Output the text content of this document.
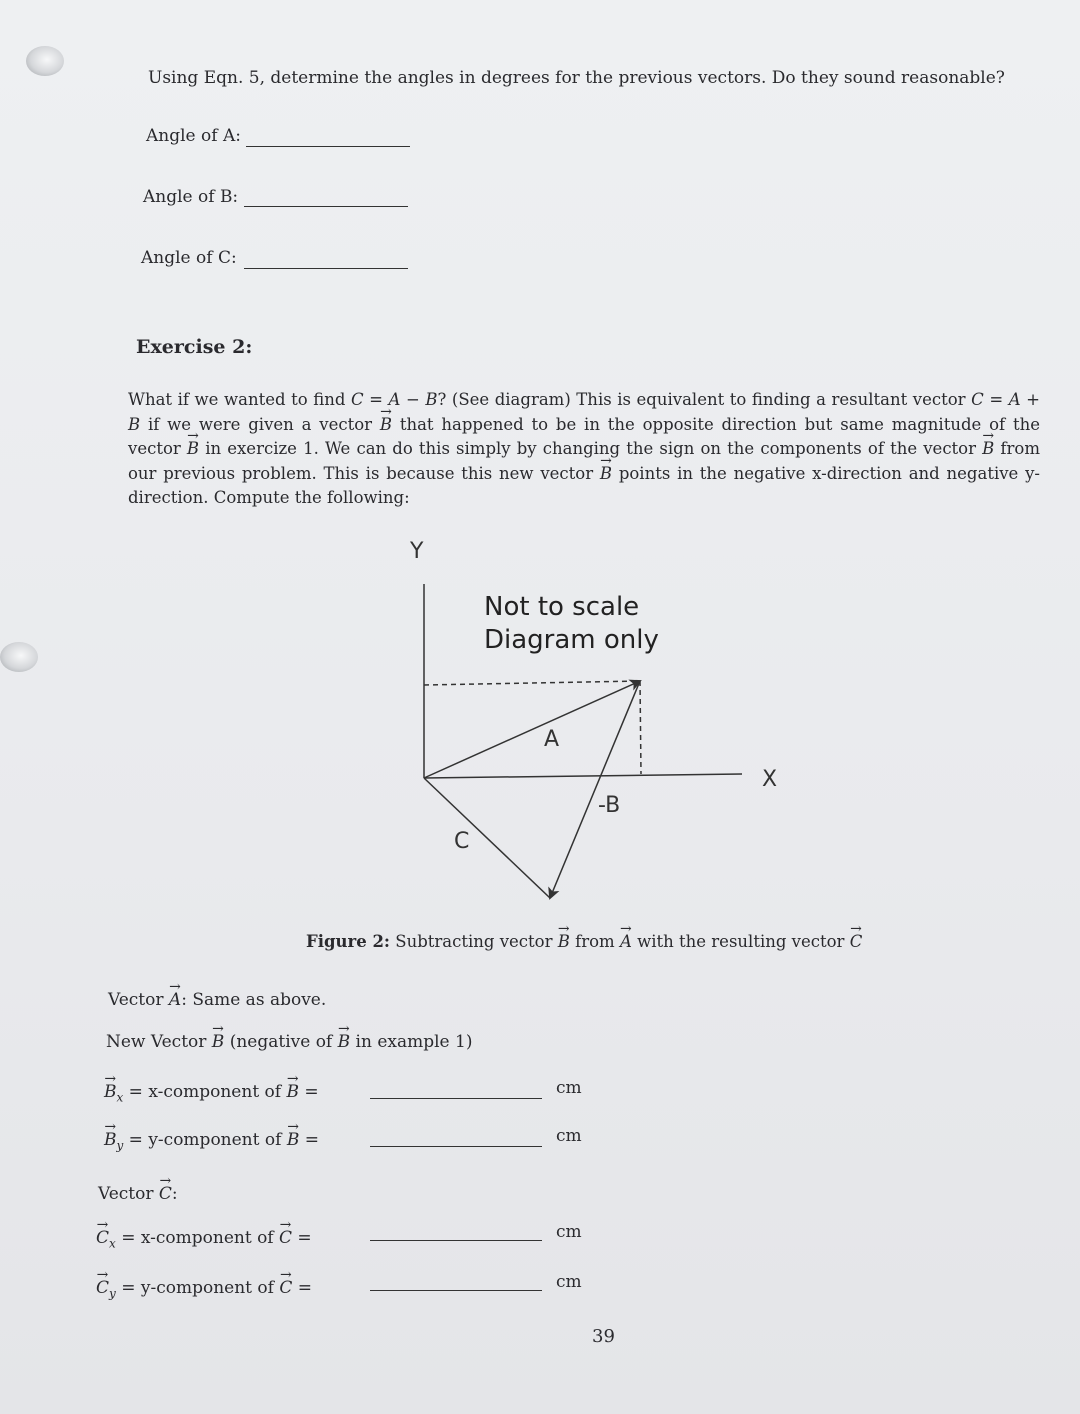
Using Eqn. 5, determine the angles in degrees for the previous vectors. Do they sound reasonable?
Angle of A:
Angle of B:
Angle of C:
Exercise 2:
What if we wanted to find C = A − B? (See diagram) This is equivalent to finding a resultant vector C = A + B if we were given a vector → B that happened to be in the opposite direction but same magnitude of the vector → B in exercize 1. We can do this simply by changing the sign on the components of the vector → B from our previous problem. This is because this new vector → B points in the negative x-direction and negative y-direction. Compute the following:
Y
X
Not to scale
Diagram only
A
-B
C
Figure 2: Subtracting vector → B from → A with the resulting vector → C
Vector → A: Same as above.
New Vector → B (negative of → B in example 1)
→ $B_x$ = x-component of → B =	cm
→ $B_y$ = y-component of → B =	cm
Vector → C:
→ $C_x$ = x-component of → C =	cm
→ $C_y$ = y-component of → C =	cm
39
